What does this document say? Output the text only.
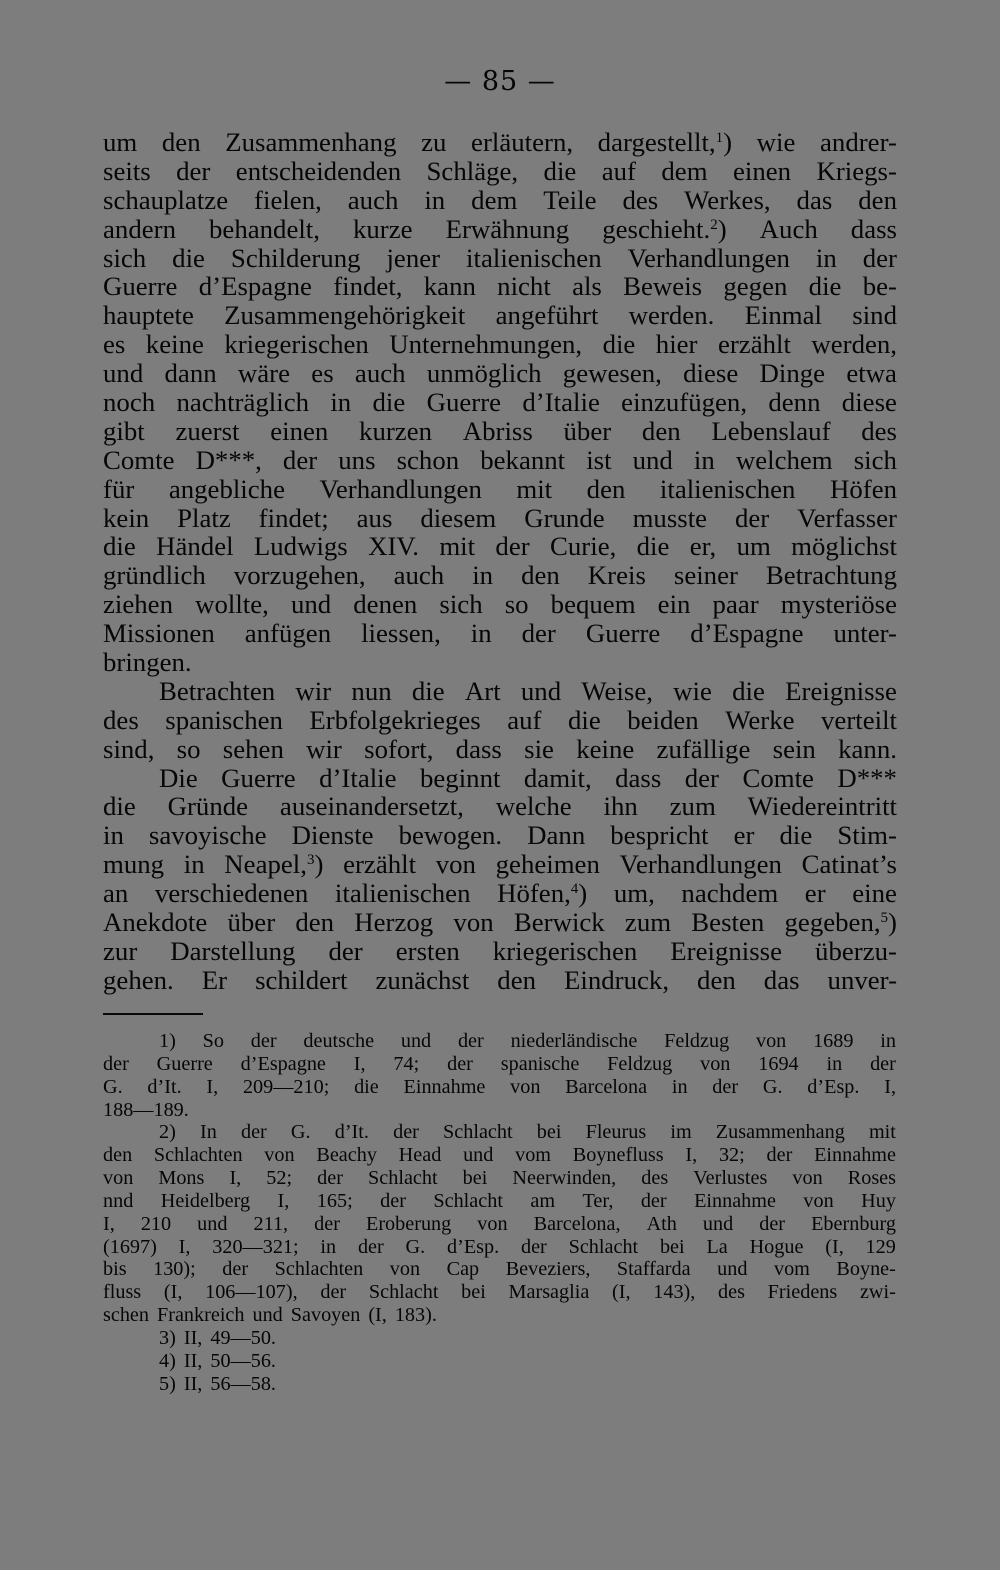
— 85 —
um den Zusammenhang zu erläutern, dargestellt,$^1$) wie andrer-
seits der entscheidenden Schläge, die auf dem einen Kriegs-
schauplatze fielen, auch in dem Teile des Werkes, das den
andern behandelt, kurze Erwähnung geschieht.$^2$) Auch dass
sich die Schilderung jener italienischen Verhandlungen in der
Guerre d’Espagne findet, kann nicht als Beweis gegen die be-
hauptete Zusammengehörigkeit angeführt werden. Einmal sind
es keine kriegerischen Unternehmungen, die hier erzählt werden,
und dann wäre es auch unmöglich gewesen, diese Dinge etwa
noch nachträglich in die Guerre d’Italie einzufügen, denn diese
gibt zuerst einen kurzen Abriss über den Lebenslauf des
Comte D***, der uns schon bekannt ist und in welchem sich
für angebliche Verhandlungen mit den italienischen Höfen
kein Platz findet; aus diesem Grunde musste der Verfasser
die Händel Ludwigs XIV. mit der Curie, die er, um möglichst
gründlich vorzugehen, auch in den Kreis seiner Betrachtung
ziehen wollte, und denen sich so bequem ein paar mysteriöse
Missionen anfügen liessen, in der Guerre d’Espagne unter-
bringen.
Betrachten wir nun die Art und Weise, wie die Ereignisse
des spanischen Erbfolgekrieges auf die beiden Werke verteilt
sind, so sehen wir sofort, dass sie keine zufällige sein kann.
Die Guerre d’Italie beginnt damit, dass der Comte D***
die Gründe auseinandersetzt, welche ihn zum Wiedereintritt
in savoyische Dienste bewogen. Dann bespricht er die Stim-
mung in Neapel,$^3$) erzählt von geheimen Verhandlungen Catinat’s
an verschiedenen italienischen Höfen,$^4$) um, nachdem er eine
Anekdote über den Herzog von Berwick zum Besten gegeben,$^5$)
zur Darstellung der ersten kriegerischen Ereignisse überzu-
gehen. Er schildert zunächst den Eindruck, den das unver-
1) So der deutsche und der niederländische Feldzug von 1689 in
der Guerre d’Espagne I, 74; der spanische Feldzug von 1694 in der
G. d’It. I, 209—210; die Einnahme von Barcelona in der G. d’Esp. I,
188—189.
2) In der G. d’It. der Schlacht bei Fleurus im Zusammenhang mit
den Schlachten von Beachy Head und vom Boynefluss I, 32; der Einnahme
von Mons I, 52; der Schlacht bei Neerwinden, des Verlustes von Roses
nnd Heidelberg I, 165; der Schlacht am Ter, der Einnahme von Huy
I, 210 und 211, der Eroberung von Barcelona, Ath und der Ebernburg
(1697) I, 320—321; in der G. d’Esp. der Schlacht bei La Hogue (I, 129
bis 130); der Schlachten von Cap Beveziers, Staffarda und vom Boyne-
fluss (I, 106—107), der Schlacht bei Marsaglia (I, 143), des Friedens zwi-
schen Frankreich und Savoyen (I, 183).
3) II, 49—50.
4) II, 50—56.
5) II, 56—58.
